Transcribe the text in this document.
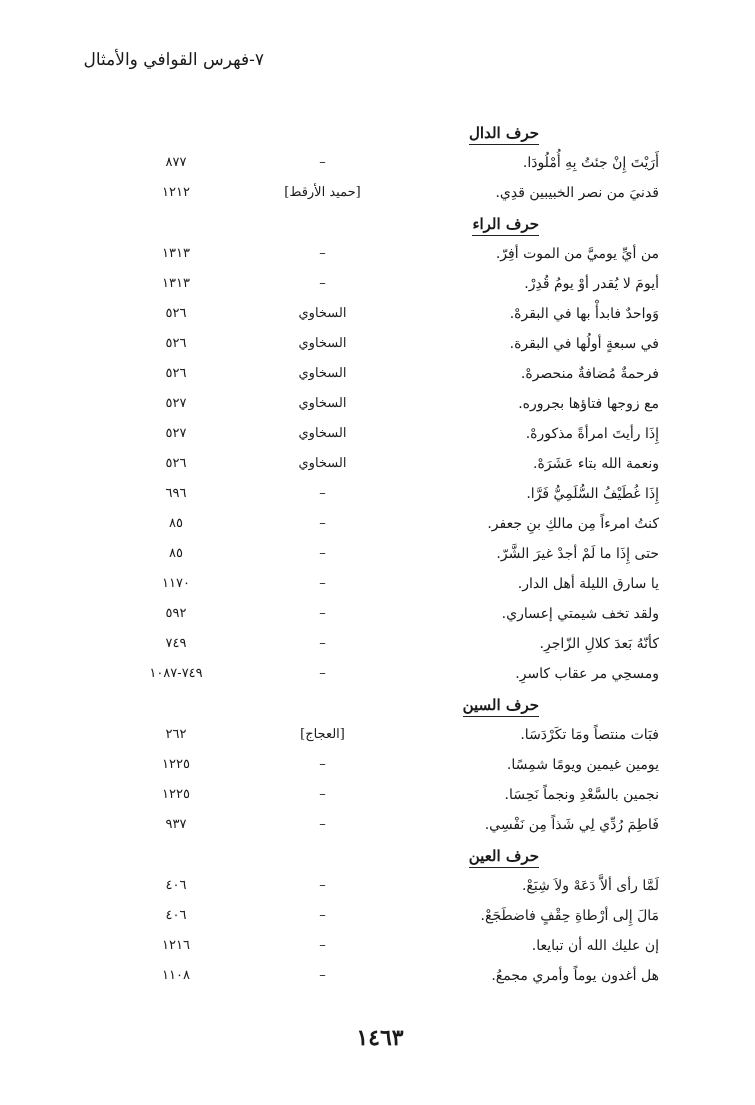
٧-فهرس القوافي والأمثال
حرف الدال
أَرَيْتَ إِنْ جئتُ بِهِ أُمْلُودَا.
–
٨٧٧
قدنيَ من نصر الخبيبين قدِي.
[حميد الأرقط]
١٢١٢
حرف الراء
من أيِّ يوميَّ من الموت أفِرّ.
–
١٣١٣
أيومَ لا يُقدر أوْ يومُ قُدِرْ.
–
١٣١٣
وَواحدٌ فابدأْ بها في البقرهْ.
السخاوي
٥٢٦
في سبعةٍ أولُها في البقرة.
السخاوي
٥٢٦
فرحمةٌ مُضافةٌ منحصرهْ.
السخاوي
٥٢٦
مع زوجها فتاؤها بجروره.
السخاوي
٥٢٧
إِذَا رأيتَ امرأةً مذكورهْ.
السخاوي
٥٢٧
ونعمة الله بتاء عَشَرَهْ.
السخاوي
٥٢٦
إِذَا غُطَيْفُ السُّلَمِيُّ فَرَّا.
–
٦٩٦
كنتُ امرءاً مِن مالكِ بنِ جعفر.
–
٨٥
حتى إِذَا ما لَمْ أجدْ غيرَ الشَّرّ.
–
٨٥
يا سارق الليلة أهل الدار.
–
١١٧٠
ولقد تخف شيمتي إعساري.
–
٥٩٢
كأنّهُ بَعدَ كلالِ الزّاجرِ.
–
٧٤٩
ومسحِي مر عقاب كاسرِ.
–
٧٤٩-١٠٨٧
حرف السين
فبَات منتصاً ومَا تكَرْدَسَا.
[العجاج]
٢٦٢
يومين غيمين ويومًا شمِسًا.
–
١٢٢٥
نجمين بالسَّعْدِ ونجماً نَحِسَا.
–
١٢٢٥
فَاطِمَ رُدِّي لِي شَذاً مِن نَفْسِي.
–
٩٣٧
حرف العين
لَمَّا رأى ألاَّ دَعَهْ ولاَ شِبَعْ.
–
٤٠٦
مَالَ إِلى أرْطاةِ حِقْفٍ فاضطَجَعْ.
–
٤٠٦
إن عليك الله أن تبايعا.
–
١٢١٦
هل أغدون يوماً وأمري مجمعُ.
–
١١٠٨
١٤٦٣
